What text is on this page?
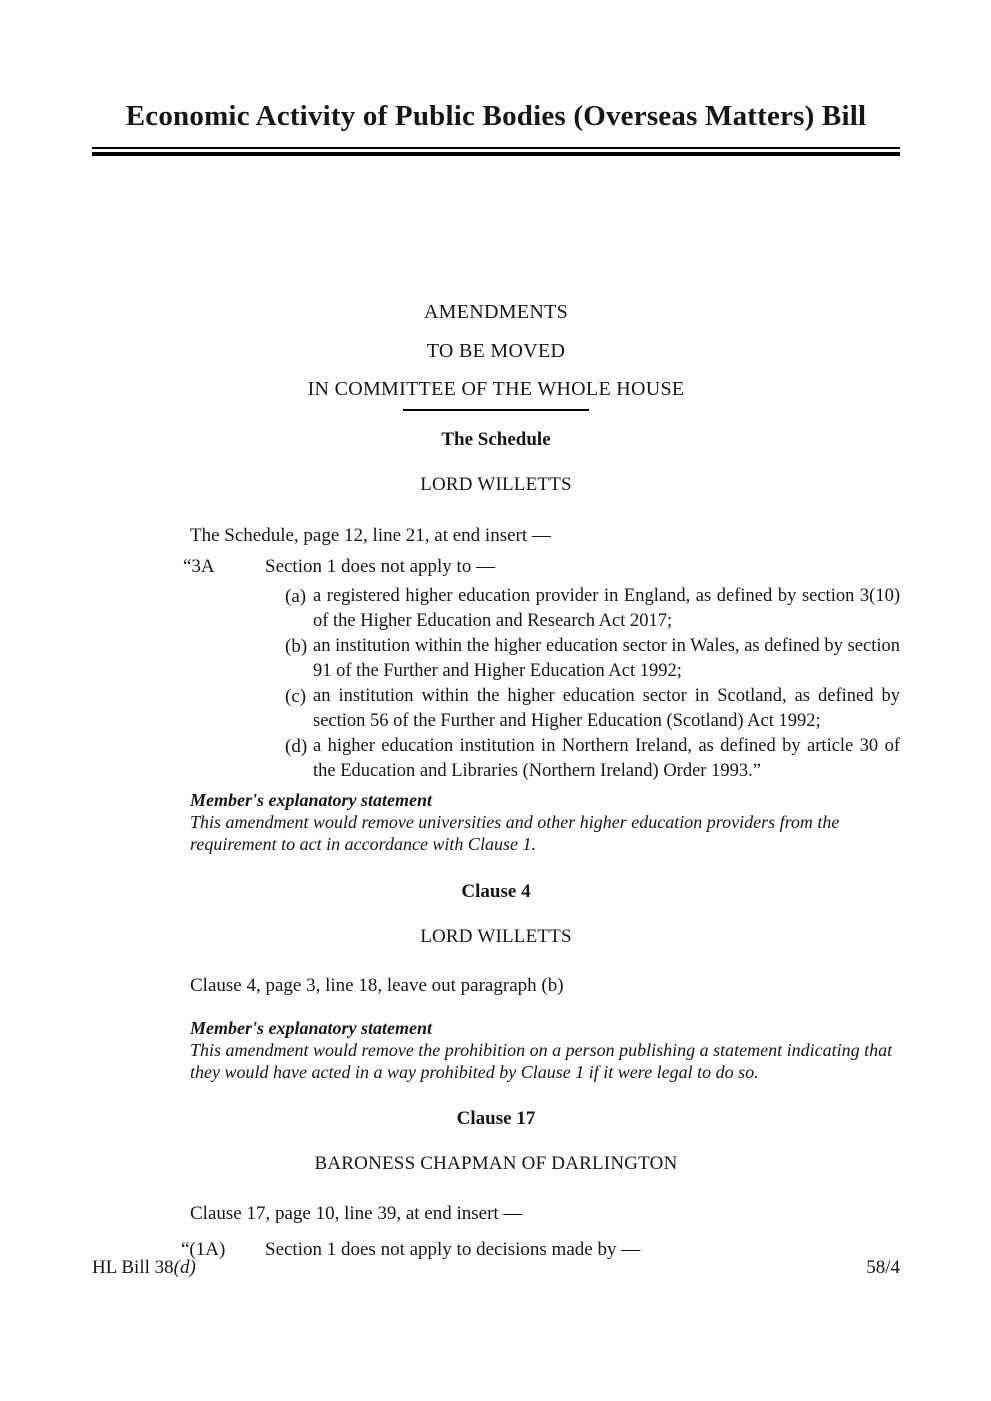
Economic Activity of Public Bodies (Overseas Matters) Bill
AMENDMENTS
TO BE MOVED
IN COMMITTEE OF THE WHOLE HOUSE
The Schedule
LORD WILLETTS
The Schedule, page 12, line 21, at end insert —
“3A	Section 1 does not apply to —
(a) a registered higher education provider in England, as defined by section 3(10) of the Higher Education and Research Act 2017;
(b) an institution within the higher education sector in Wales, as defined by section 91 of the Further and Higher Education Act 1992;
(c) an institution within the higher education sector in Scotland, as defined by section 56 of the Further and Higher Education (Scotland) Act 1992;
(d) a higher education institution in Northern Ireland, as defined by article 30 of the Education and Libraries (Northern Ireland) Order 1993.”
Member's explanatory statement
This amendment would remove universities and other higher education providers from the requirement to act in accordance with Clause 1.
Clause 4
LORD WILLETTS
Clause 4, page 3, line 18, leave out paragraph (b)
Member's explanatory statement
This amendment would remove the prohibition on a person publishing a statement indicating that they would have acted in a way prohibited by Clause 1 if it were legal to do so.
Clause 17
BARONESS CHAPMAN OF DARLINGTON
Clause 17, page 10, line 39, at end insert —
“(1A)	Section 1 does not apply to decisions made by —
HL Bill 38(d)	58/4
